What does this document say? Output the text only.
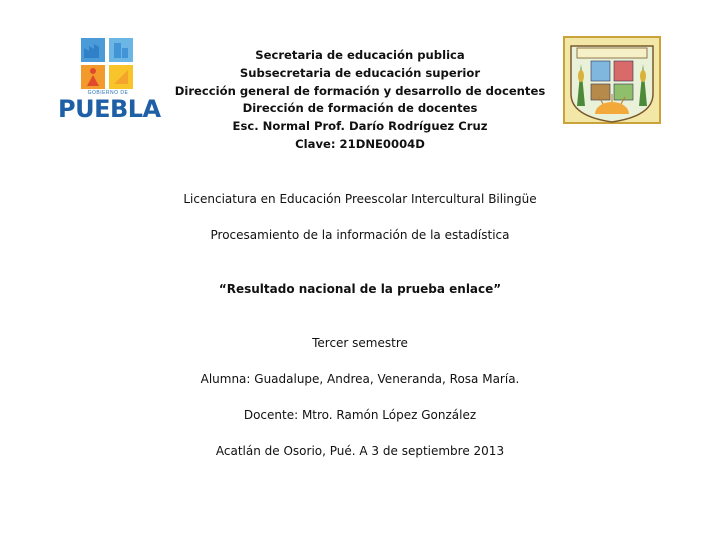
GOBIERNO DE
PUEBLA
Secretaria de educación publica
Subsecretaria de educación superior
Dirección general de formación y desarrollo de docentes
Dirección de formación de docentes
Esc. Normal Prof. Darío Rodríguez Cruz
Clave: 21DNE0004D
Licenciatura en Educación Preescolar Intercultural Bilingüe
Procesamiento de la información de la estadística
“Resultado nacional de la prueba enlace”
Tercer semestre
Alumna: Guadalupe, Andrea, Veneranda, Rosa María.
Docente: Mtro. Ramón López González
Acatlán de Osorio, Pué. A 3 de septiembre 2013
